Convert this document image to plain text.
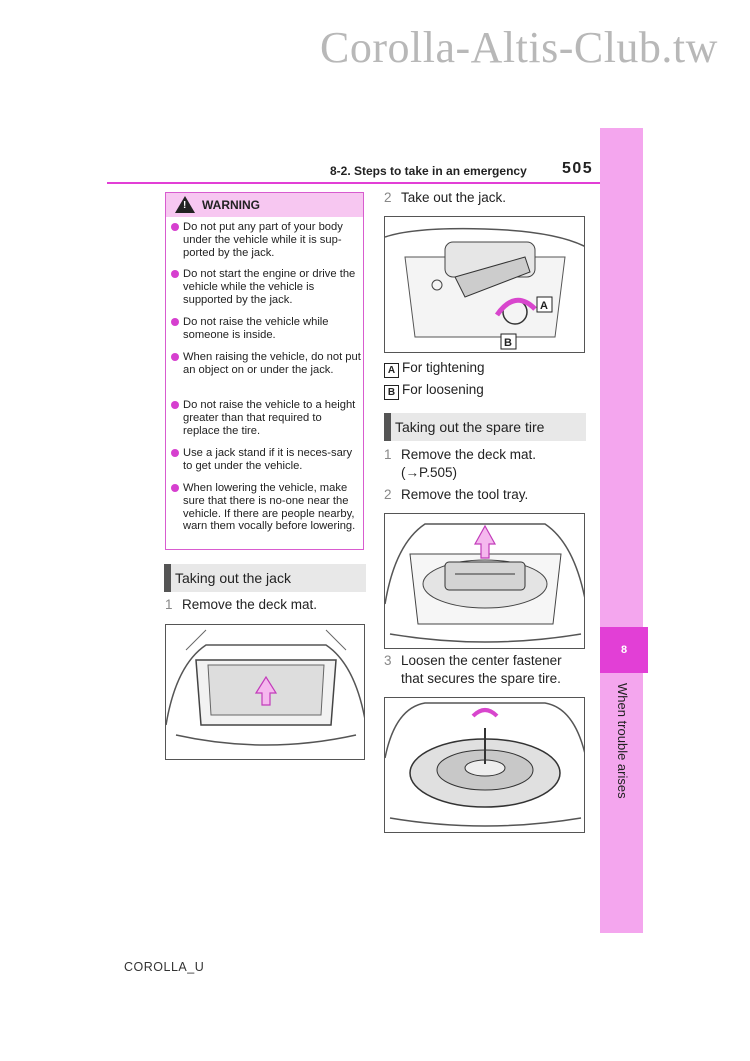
Corolla-Altis-Club.tw
8
When trouble arises
8-2. Steps to take in an emergency 505
! WARNING
Do not put any part of your body under the vehicle while it is sup-ported by the jack.
Do not start the engine or drive the vehicle while the vehicle is supported by the jack.
Do not raise the vehicle while someone is inside.
When raising the vehicle, do not put an object on or under the jack.
Do not raise the vehicle to a height greater than that required to replace the tire.
Use a jack stand if it is neces-sary to get under the vehicle.
When lowering the vehicle, make sure that there is no-one near the vehicle. If there are people nearby, warn them vocally before lowering.
Taking out the jack
1 Remove the deck mat.
2 Take out the jack.
A
B
A For tightening
B For loosening
Taking out the spare tire
1 Remove the deck mat.
(→P.505)
2 Remove the tool tray.
3 Loosen the center fastener
that secures the spare tire.
COROLLA_U
